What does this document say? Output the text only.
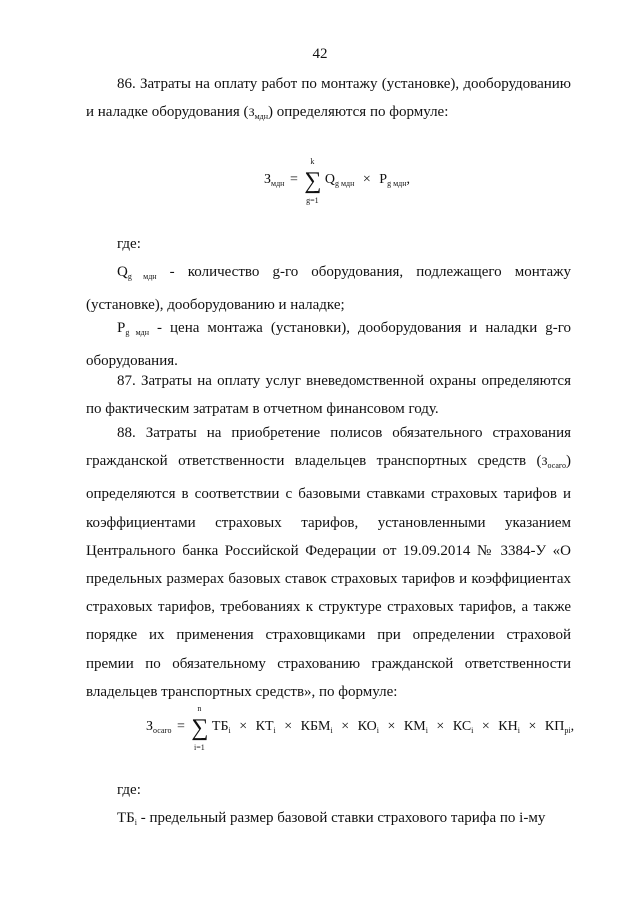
42

86. Затраты на оплату работ по монтажу (установке), дооборудованию и наладке оборудования $(З_{мдн})$ определяются по формуле:

$З_{мдн}$ = ∑
k
g=1
$Q_{g мдн} \times P_{g мдн}$,

где:

$Q_{g мдн}$ - количество g-го оборудования, подлежащего монтажу (установке), дооборудованию и наладке;

$P_{g мдн}$ - цена монтажа (установки), дооборудования и наладки g-го оборудования.

87. Затраты на оплату услуг вневедомственной охраны определяются по фактическим затратам в отчетном финансовом году.

88. Затраты на приобретение полисов обязательного страхования гражданской ответственности владельцев транспортных средств $(З_{осаго})$ определяются в соответствии с базовыми ставками страховых тарифов и коэффициентами страховых тарифов, установленными указанием Центрального банка Российской Федерации от 19.09.2014 № 3384-У «О предельных размерах базовых ставок страховых тарифов и коэффициентах страховых тарифов, требованиях к структуре страховых тарифов, а также порядке их применения страховщиками при определении страховой премии по обязательному страхованию гражданской ответственности владельцев транспортных средств», по формуле:

$З_{осаго}$ = ∑
n
i=1
$ТБ_i \times КТ_i \times КБМ_i \times КО_i \times КМ_i \times КС_i \times КН_i \times КП_{рi}$,

где:

$ТБ_i$ - предельный размер базовой ставки страхового тарифа по i-му
